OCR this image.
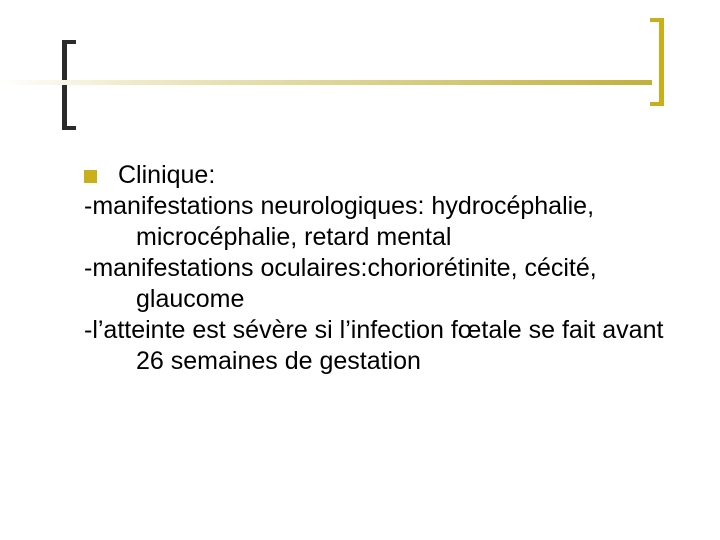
Clinique:
-manifestations neurologiques: hydrocéphalie, microcéphalie, retard mental
-manifestations oculaires:choriorétinite, cécité, glaucome
-l’atteinte est sévère si l’infection fœtale se fait avant 26 semaines de gestation
